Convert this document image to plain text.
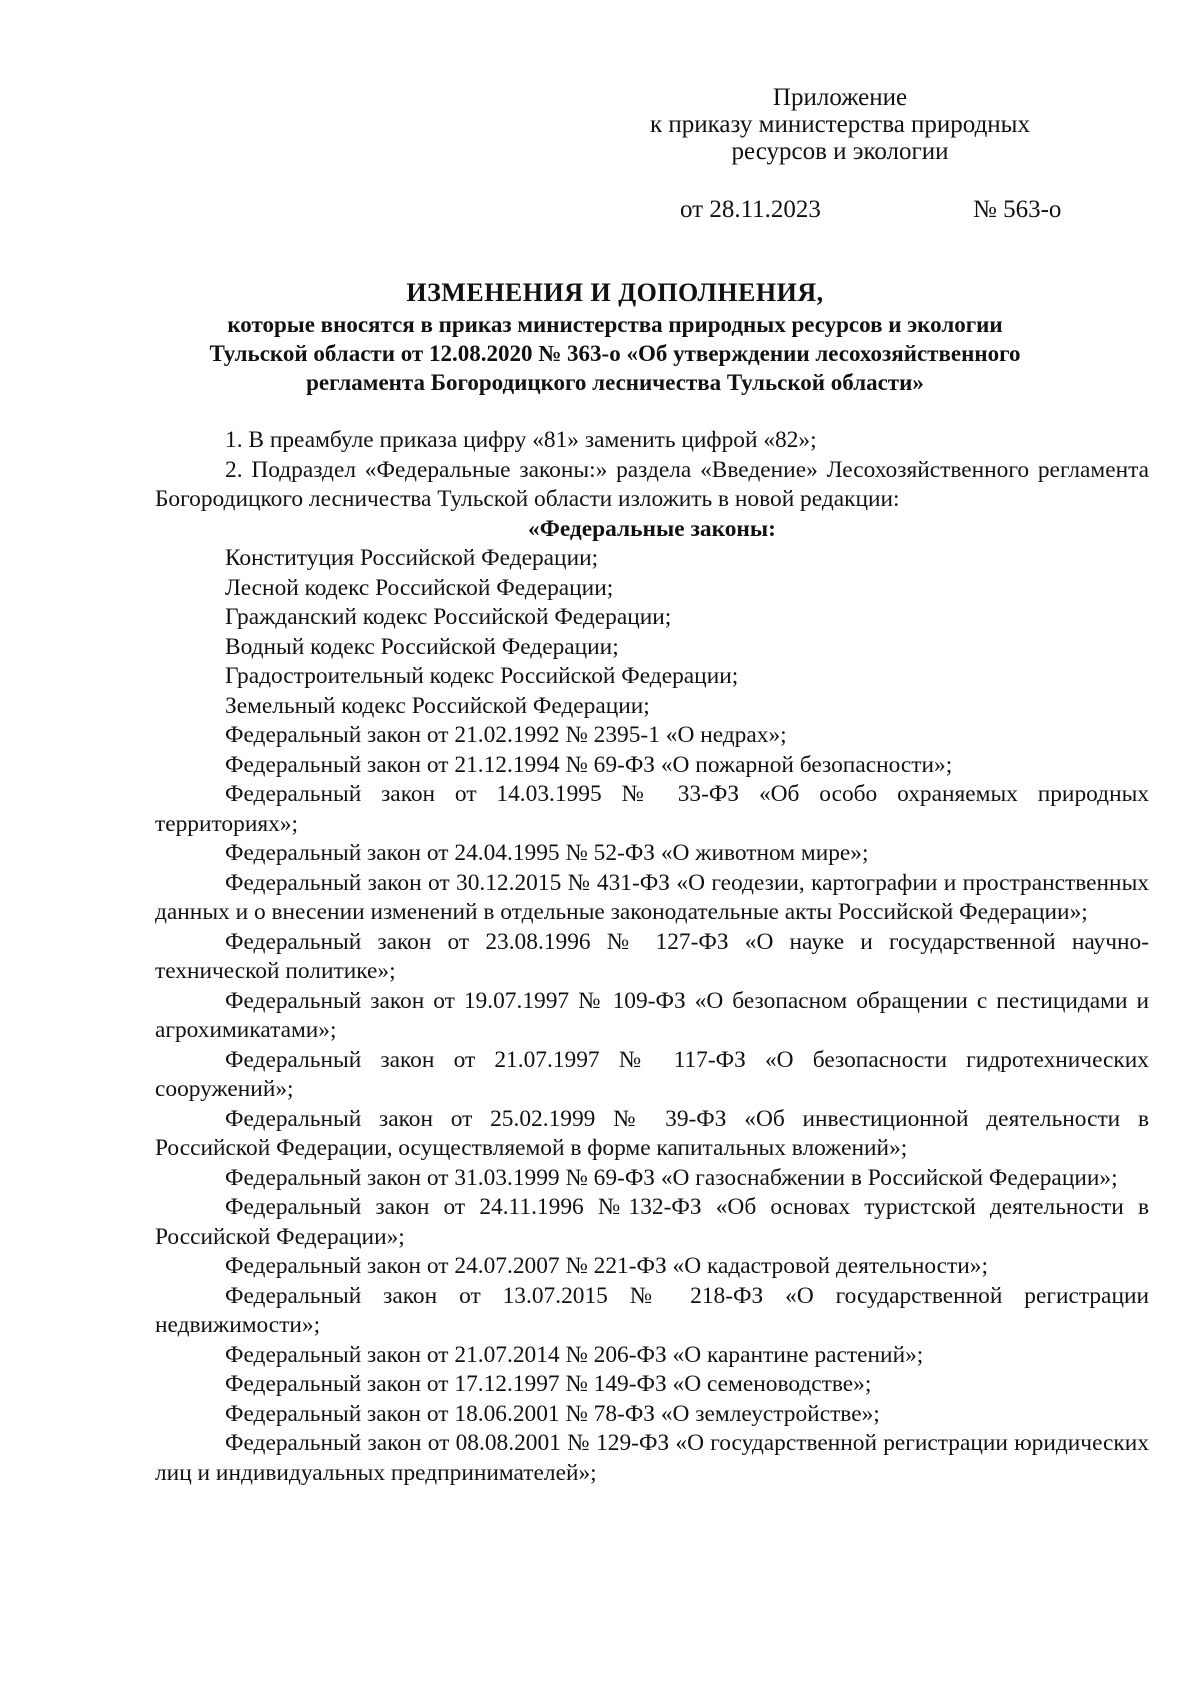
Приложение
к приказу министерства природных
ресурсов и экологии
от 28.11.2023	№ 563-о
ИЗМЕНЕНИЯ И ДОПОЛНЕНИЯ,
которые вносятся в приказ министерства природных ресурсов и экологии
Тульской области от 12.08.2020 № 363-о «Об утверждении лесохозяйственного
регламента Богородицкого лесничества Тульской области»

1. В преамбуле приказа цифру «81» заменить цифрой «82»;

2. Подраздел «Федеральные законы:» раздела «Введение» Лесохозяйственного регламента Богородицкого лесничества Тульской области изложить в новой редакции:

«Федеральные законы:

Конституция Российской Федерации;

Лесной кодекс Российской Федерации;

Гражданский кодекс Российской Федерации;

Водный кодекс Российской Федерации;

Градостроительный кодекс Российской Федерации;

Земельный кодекс Российской Федерации;

Федеральный закон от 21.02.1992 № 2395-1 «О недрах»;

Федеральный закон от 21.12.1994 № 69-ФЗ «О пожарной безопасности»;

Федеральный закон от 14.03.1995 № 33-ФЗ «Об особо охраняемых природных территориях»;

Федеральный закон от 24.04.1995 № 52-ФЗ «О животном мире»;

Федеральный закон от 30.12.2015 № 431-ФЗ «О геодезии, картографии и пространственных данных и о внесении изменений в отдельные законодательные акты Российской Федерации»;

Федеральный закон от 23.08.1996 № 127-ФЗ «О науке и государственной научно-технической политике»;

Федеральный закон от 19.07.1997 № 109-ФЗ «О безопасном обращении с пестицидами и агрохимикатами»;

Федеральный закон от 21.07.1997 № 117-ФЗ «О безопасности гидротехнических сооружений»;

Федеральный закон от 25.02.1999 № 39-ФЗ «Об инвестиционной деятельности в Российской Федерации, осуществляемой в форме капитальных вложений»;

Федеральный закон от 31.03.1999 № 69-ФЗ «О газоснабжении в Российской Федерации»;

Федеральный закон от 24.11.1996 №132-ФЗ «Об основах туристской деятельности в Российской Федерации»;

Федеральный закон от 24.07.2007 № 221-ФЗ «О кадастровой деятельности»;

Федеральный закон от 13.07.2015 № 218-ФЗ «О государственной регистрации недвижимости»;

Федеральный закон от 21.07.2014 № 206-ФЗ «О карантине растений»;

Федеральный закон от 17.12.1997 № 149-ФЗ «О семеноводстве»;

Федеральный закон от 18.06.2001 № 78-ФЗ «О землеустройстве»;

Федеральный закон от 08.08.2001 № 129-ФЗ «О государственной регистрации юридических лиц и индивидуальных предпринимателей»;
